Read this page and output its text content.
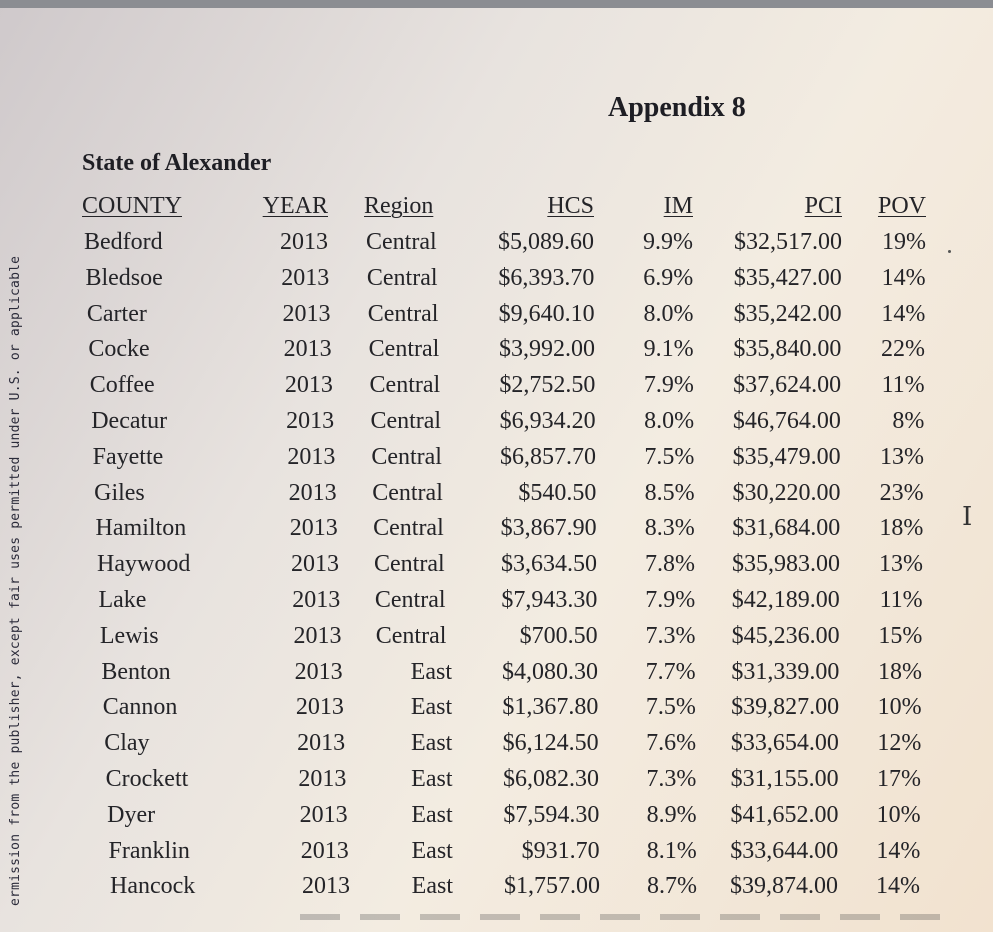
ermission from the publisher, except fair uses permitted under U.S. or applicable
Appendix 8
State of Alexander
COUNTY	YEAR Region	HCS	IM	PCI POV
Bedford	2013 Central	$5,089.60 9.9% $32,517.00 19%
Bledsoe	2013 Central	$6,393.70 6.9% $35,427.00 14%
Carter	2013 Central	$9,640.10 8.0% $35,242.00 14%
Cocke	2013 Central $3,992.00 9.1% $35,840.00 22%
Coffee	2013 Central $2,752.50 7.9% $37,624.00 11%
Decatur	2013 Central $6,934.20 8.0% $46,764.00 8%
Fayette	2013 Central $6,857.70 7.5% $35,479.00 13%
Giles	2013 Central	$540.50 8.5% $30,220.00 23%
Hamilton	2013 Central $3,867.90 8.3% $31,684.00 18%
Haywood	2013 Central $3,634.50 7.8% $35,983.00 13%
Lake	2013 Central $7,943.30 7.9% $42,189.00 11%
Lewis	2013 Central	$700.50 7.3% $45,236.00 15%
Benton	2013	East $4,080.30 7.7% $31,339.00 18%
Cannon	2013	East $1,367.80 7.5% $39,827.00 10%
Clay	2013	East $6,124.50 7.6% $33,654.00 12%
Crockett	2013	East $6,082.30 7.3% $31,155.00 17%
Dyer	2013	East $7,594.30 8.9% $41,652.00 10%
Franklin	2013	East	$931.70 8.1% $33,644.00 14%
Hancock	2013	East $1,757.00 8.7% $39,874.00 14%
I
